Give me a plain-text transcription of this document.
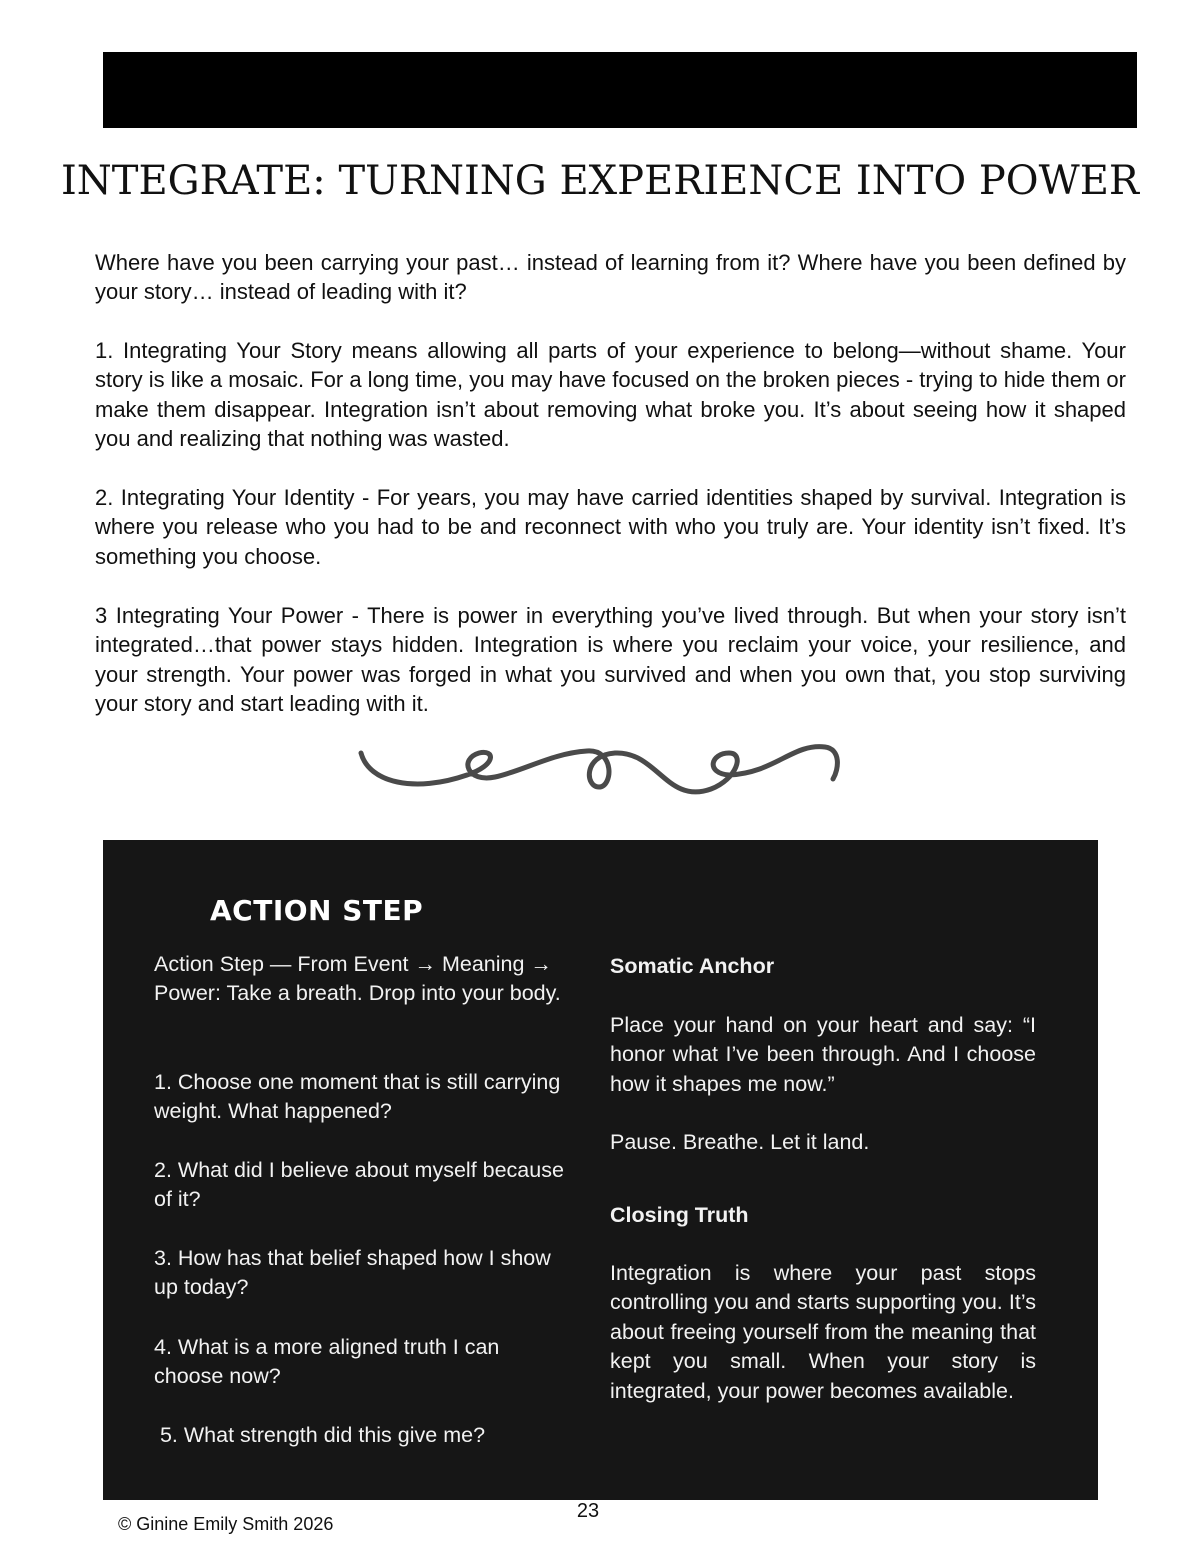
INTEGRATE: TURNING EXPERIENCE INTO POWER

Where have you been carrying your past… instead of learning from it? Where have you been defined by your story… instead of leading with it?

1. Integrating Your Story means allowing all parts of your experience to belong—without shame. Your story is like a mosaic. For a long time, you may have focused on the broken pieces - trying to hide them or make them disappear. Integration isn’t about removing what broke you. It’s about seeing how it shaped you and realizing that nothing was wasted.

2. Integrating Your Identity - For years, you may have carried identities shaped by survival. Integration is where you release who you had to be and reconnect with who you truly are. Your identity isn’t fixed. It’s something you choose.

3 Integrating Your Power - There is power in everything you’ve lived through. But when your story isn’t integrated…that power stays hidden. Integration is where you reclaim your voice, your resilience, and your strength. Your power was forged in what you survived and when you own that, you stop surviving your story and start leading with it.

ACTION STEP

Action Step — From Event → Meaning → Power: Take a breath. Drop into your body.

1. Choose one moment that is still carrying weight. What happened?

2. What did I believe about myself because of it?

3. How has that belief shaped how I show up today?

4. What is a more aligned truth I can choose now?

5. What strength did this give me?

Somatic Anchor

Place your hand on your heart and say: “I honor what I’ve been through. And I choose how it shapes me now.”

Pause. Breathe. Let it land.

Closing Truth

Integration is where your past stops controlling you and starts supporting you. It’s about freeing yourself from the meaning that kept you small. When your story is integrated, your power becomes available.

23
© Ginine Emily Smith 2026
